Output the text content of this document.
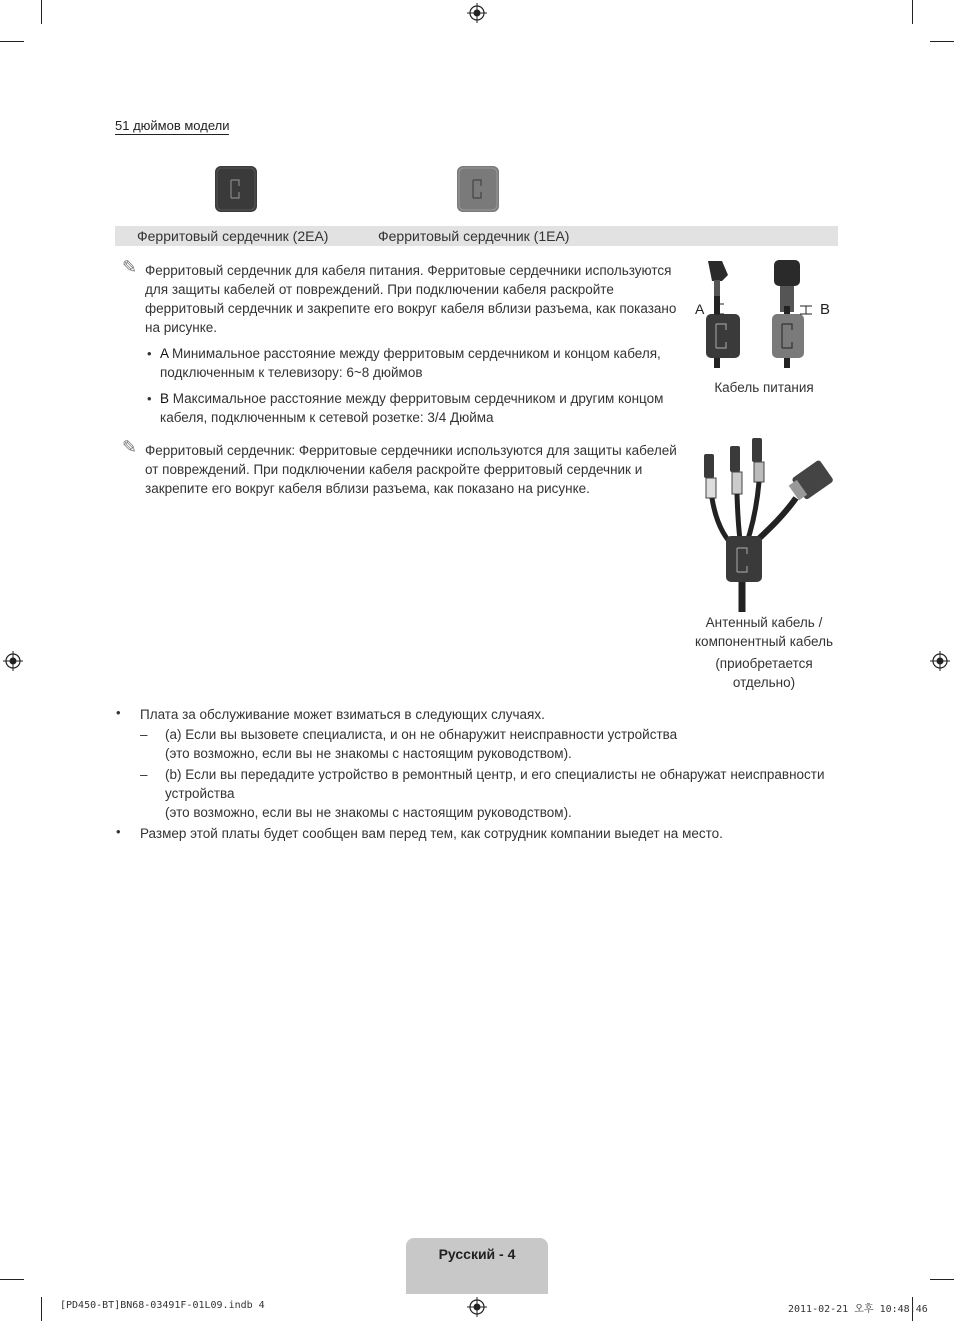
51 дюймов модели
Ферритовый сердечник (2EA)	Ферритовый сердечник (1EA)
✎ Ферритовый сердечник для кабеля питания. Ферритовые сердечники используются
для защиты кабелей от повреждений. При подключении кабеля раскройте
ферритовый сердечник и закрепите его вокруг кабеля вблизи разъема, как показано
на рисунке.
• A Минимальное расстояние между ферритовым сердечником и концом кабеля,
подключенным к телевизору: 6~8 дюймов
• B Максимальное расстояние между ферритовым сердечником и другим концом
кабеля, подключенным к сетевой розетке: 3/4 Дюйма
✎ Ферритовый сердечник: Ферритовые сердечники используются для защиты кабелей
от повреждений. При подключении кабеля раскройте ферритовый сердечник и
закрепите его вокруг кабеля вблизи разъема, как показано на рисунке.
A	B
Кабель питания
Антенный кабель /
компонентный кабель
(приобретается
отдельно)
• Плата за обслуживание может взиматься в следующих случаях.
– (a) Если вы вызовете специалиста, и он не обнаружит неисправности устройства
(это возможно, если вы не знакомы с настоящим руководством).
– (b) Если вы передадите устройство в ремонтный центр, и его специалисты не обнаружат неисправности
устройства
(это возможно, если вы не знакомы с настоящим руководством).
• Размер этой платы будет сообщен вам перед тем, как сотрудник компании выедет на место.
Русский - 4
[PD450-BT]BN68-03491F-01L09.indb 4	2011-02-21 오후 10:48:46
